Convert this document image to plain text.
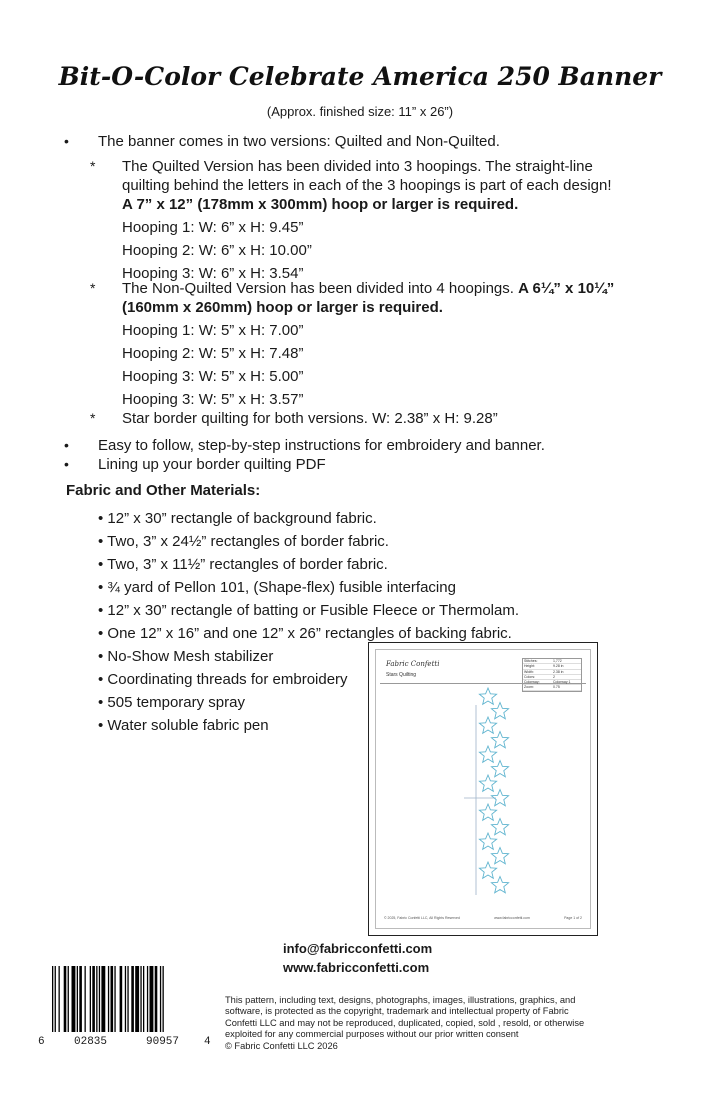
Bit-O-Color Celebrate America 250 Banner
(Approx. finished size: 11” x 26”)
• The banner comes in two versions: Quilted and Non-Quilted.
* The Quilted Version has been divided into 3 hoopings. The straight-line
quilting behind the letters in each of the 3 hoopings is part of each design!
A 7” x 12” (178mm x 300mm) hoop or larger is required.
Hooping 1: W: 6” x H: 9.45”
Hooping 2: W: 6” x H: 10.00”
Hooping 3: W: 6” x H: 3.54”
* The Non-Quilted Version has been divided into 4 hoopings. A 6¼” x 10¼”
(160mm x 260mm) hoop or larger is required.
Hooping 1: W: 5” x H: 7.00”
Hooping 2: W: 5” x H: 7.48”
Hooping 3: W: 5” x H: 5.00”
Hooping 3: W: 5” x H: 3.57”
* Star border quilting for both versions. W: 2.38” x H: 9.28”
• Easy to follow, step-by-step instructions for embroidery and banner.
• Lining up your border quilting PDF
Fabric and Other Materials:
• 12” x 30” rectangle of background fabric.
• Two, 3” x 24½” rectangles of border fabric.
• Two, 3” x 11½” rectangles of border fabric.
• ¾ yard of Pellon 101, (Shape-flex) fusible interfacing
• 12” x 30” rectangle of batting or Fusible Fleece or Thermolam.
• One 12” x 16” and one 12” x 26” rectangles of backing fabric.
• No-Show Mesh stabilizer
• Coordinating threads for embroidery
• 505 temporary spray
• Water soluble fabric pen
Fabric Confetti
Stars Quilting
Stitches:	1,772
Height:	9.28 in
Width:	2.38 in
Colors:	2
Colorway:	Colorway 1
Zoom:	0.75
© 2025, Fabric Confetti LLC, All Rights Reserved	www.fabricconfetti.com	Page 1 of 2
info@fabricconfetti.com
www.fabricconfetti.com
6	02835	90957 4
This pattern, including text, designs, photographs, images, illustrations, graphics, and
software, is protected as the copyright, trademark and intellectual property of Fabric
Confetti LLC and may not be reproduced, duplicated, copied, sold , resold, or otherwise
exploited for any commercial purposes without our prior written consent
© Fabric Confetti LLC 2026
